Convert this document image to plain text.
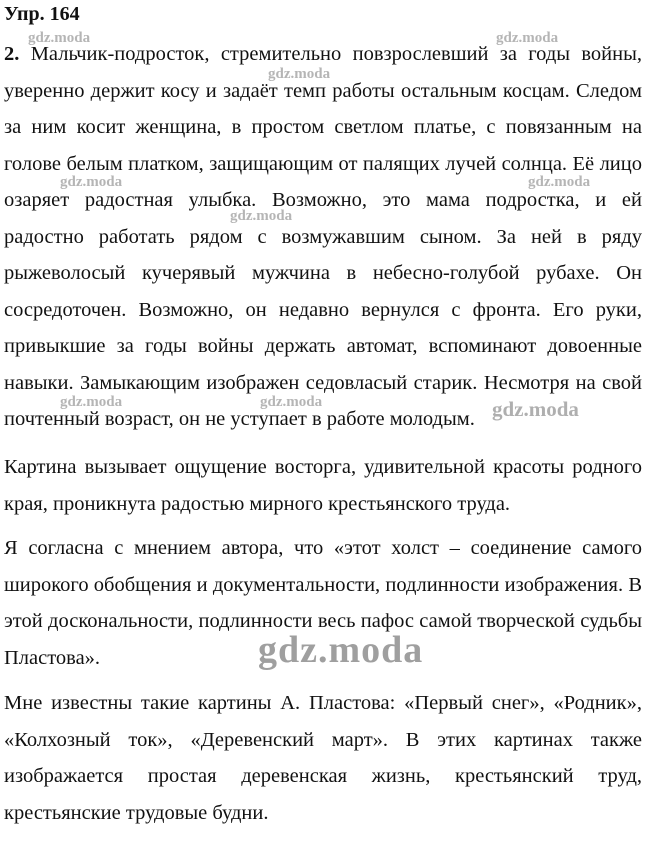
Упр. 164

2. Мальчик-подросток, стремительно повзрослевший за годы войны, уверенно держит косу и задаёт темп работы остальным косцам. Следом за ним косит женщина, в простом светлом платье, с повязанным на голове белым платком, защищающим от палящих лучей солнца. Её лицо озаряет радостная улыбка. Возможно, это мама подростка, и ей радостно работать рядом с возмужавшим сыном. За ней в ряду рыжеволосый кучерявый мужчина в небесно-голубой рубахе. Он сосредоточен. Возможно, он недавно вернулся с фронта. Его руки, привыкшие за годы войны держать автомат, вспоминают довоенные навыки. Замыкающим изображен седовласый старик. Несмотря на свой почтенный возраст, он не уступает в работе молодым.

Картина вызывает ощущение восторга, удивительной красоты родного края, проникнута радостью мирного крестьянского труда.

Я согласна с мнением автора, что «этот холст – соединение самого широкого обобщения и документальности, подлинности изображения. В этой доскональности, подлинности весь пафос самой творческой судьбы Пластова».

Мне известны такие картины А. Пластова: «Первый снег», «Родник», «Колхозный ток», «Деревенский март». В этих картинах также изображается простая деревенская жизнь, крестьянский труд, крестьянские трудовые будни.

gdz.moda	gdz.moda
gdz.moda
gdz.moda	gdz.moda
gdz.moda
gdz.moda	gdz.moda	gdz.moda
gdz.moda
